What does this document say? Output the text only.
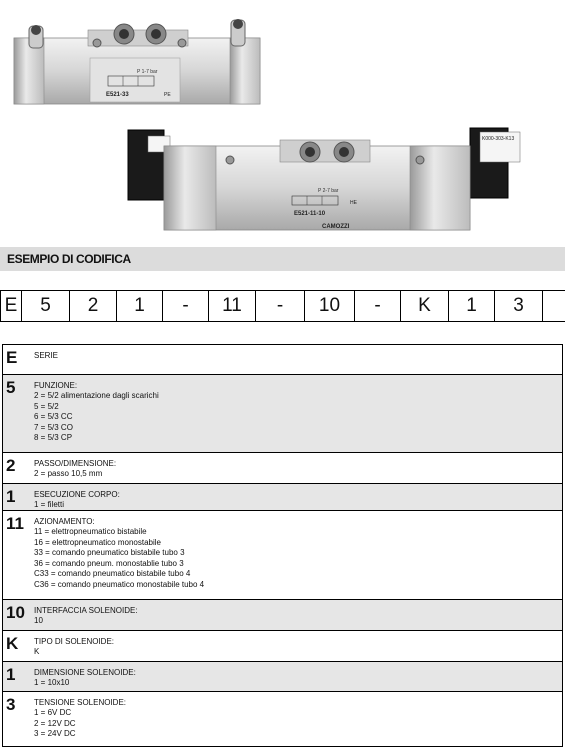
P 1-7 bar
E521-33	PE
K000-303-K13
P 2-7 bar
E521-11-10
HE
CAMOZZI
ESEMPIO DI CODIFICA
E	5	2	1	-	11	-	10	-	K	1	3
E SERIE
5 FUNZIONE:
2 = 5/2 alimentazione dagli scarichi
5 = 5/2
6 = 5/3 CC
7 = 5/3 CO
8 = 5/3 CP
2 PASSO/DIMENSIONE:
2 = passo 10,5 mm
1 ESECUZIONE CORPO:
1 = filetti
11 AZIONAMENTO:
11 = elettropneumatico bistabile
16 = elettropneumatico monostabile
33 = comando pneumatico bistabile tubo 3
36 = comando pneum. monostablie tubo 3
C33 = comando pneumatico bistabile tubo 4
C36 = comando pneumatico monostabile tubo 4
10 INTERFACCIA SOLENOIDE:
10
K TIPO DI SOLENOIDE:
K
1 DIMENSIONE SOLENOIDE:
1 = 10x10
3 TENSIONE SOLENOIDE:
1 = 6V DC
2 = 12V DC
3 = 24V DC
